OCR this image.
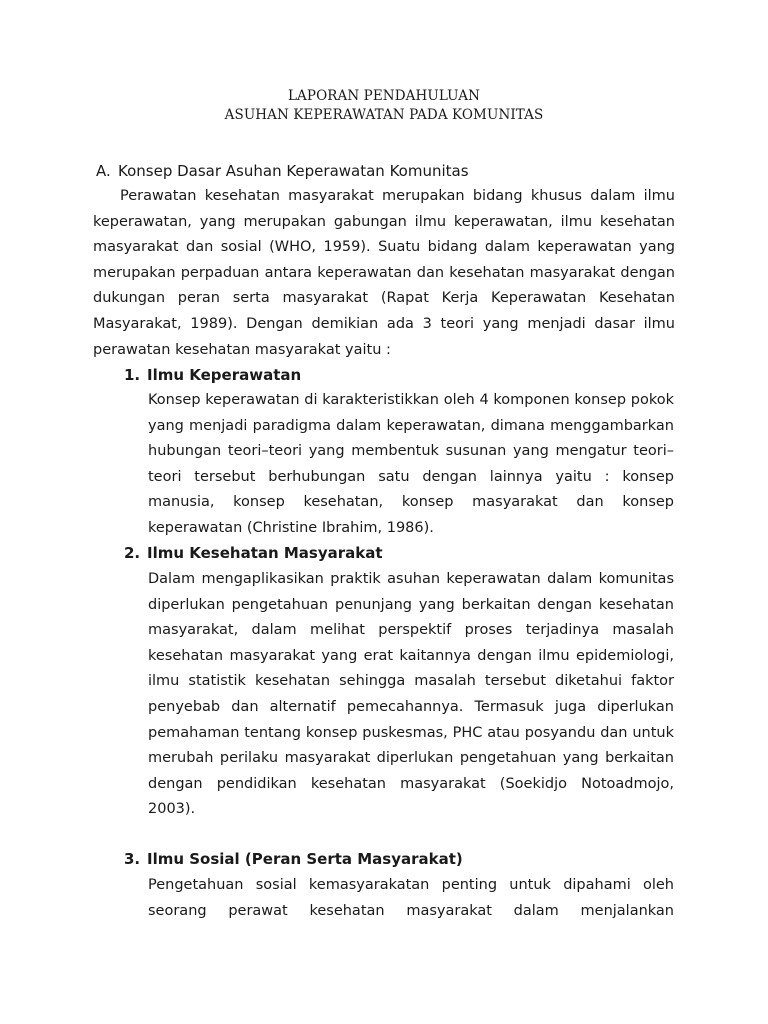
LAPORAN PENDAHULUAN
ASUHAN KEPERAWATAN PADA KOMUNITAS
A. Konsep Dasar Asuhan Keperawatan Komunitas

Perawatan kesehatan masyarakat merupakan bidang khusus dalam ilmu keperawatan, yang merupakan gabungan ilmu keperawatan, ilmu kesehatan masyarakat dan sosial (WHO, 1959). Suatu bidang dalam keperawatan yang merupakan perpaduan antara keperawatan dan kesehatan masyarakat dengan dukungan peran serta masyarakat (Rapat Kerja Keperawatan Kesehatan Masyarakat, 1989). Dengan demikian ada 3 teori yang menjadi dasar ilmu perawatan kesehatan masyarakat yaitu :

1. Ilmu Keperawatan

Konsep keperawatan di karakteristikkan oleh 4 komponen konsep pokok yang menjadi paradigma dalam keperawatan, dimana menggambarkan hubungan teori–teori yang membentuk susunan yang mengatur teori–teori tersebut berhubungan satu dengan lainnya yaitu : konsep manusia, konsep kesehatan, konsep masyarakat dan konsep keperawatan (Christine Ibrahim, 1986).

2. Ilmu Kesehatan Masyarakat

Dalam mengaplikasikan praktik asuhan keperawatan dalam komunitas diperlukan pengetahuan penunjang yang berkaitan dengan kesehatan masyarakat, dalam melihat perspektif proses terjadinya masalah kesehatan masyarakat yang erat kaitannya dengan ilmu epidemiologi, ilmu statistik kesehatan sehingga masalah tersebut diketahui faktor penyebab dan alternatif pemecahannya. Termasuk juga diperlukan pemahaman tentang konsep puskesmas, PHC atau posyandu dan untuk merubah perilaku masyarakat diperlukan pengetahuan yang berkaitan dengan pendidikan kesehatan masyarakat (Soekidjo Notoadmojo, 2003).

3. Ilmu Sosial (Peran Serta Masyarakat)

Pengetahuan sosial kemasyarakatan penting untuk dipahami oleh seorang perawat kesehatan masyarakat dalam menjalankan
